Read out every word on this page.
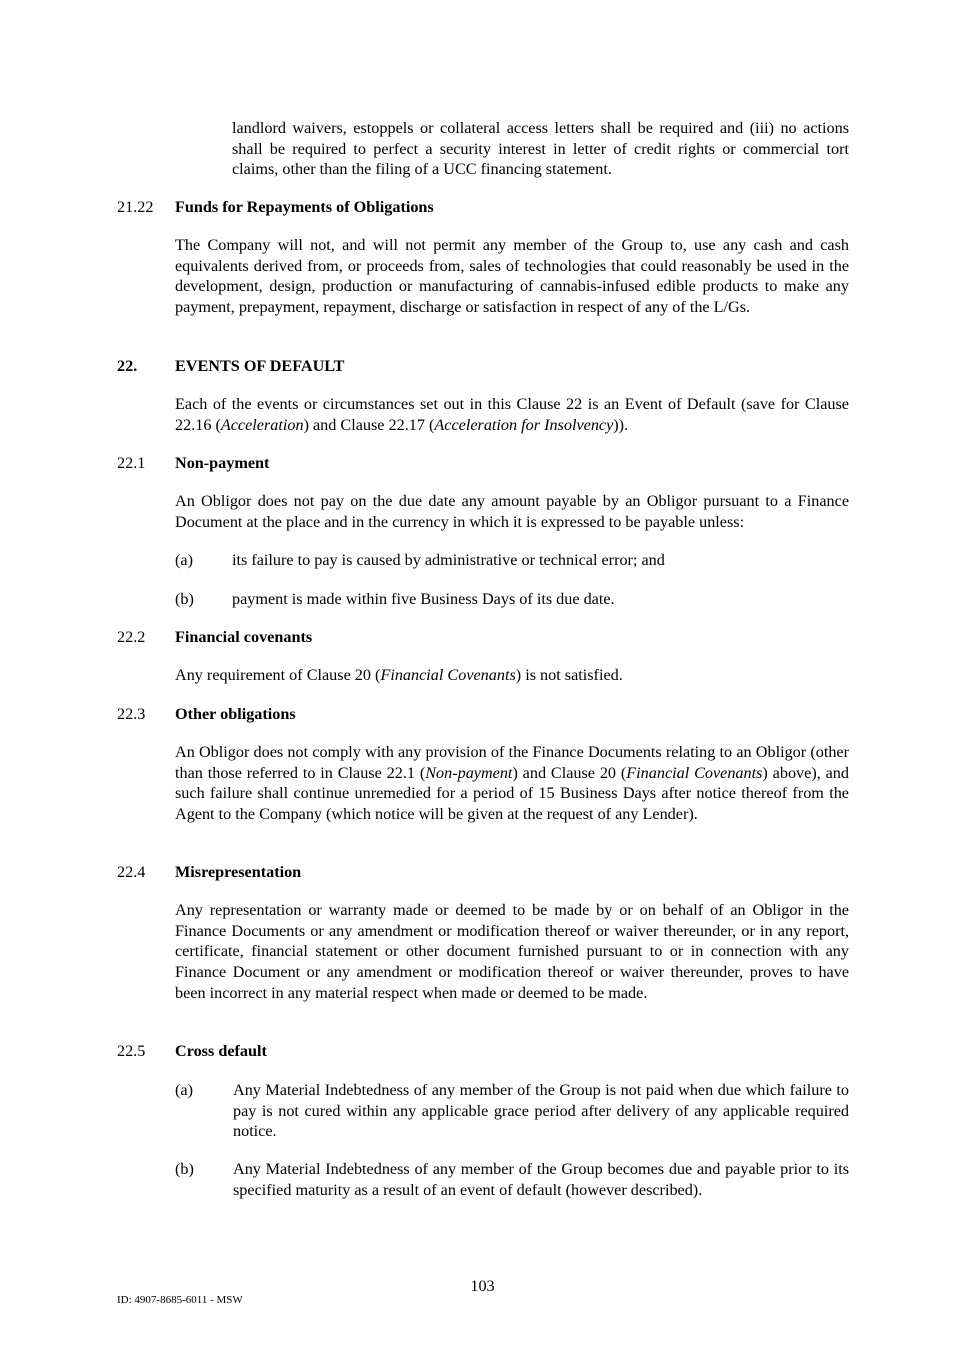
landlord waivers, estoppels or collateral access letters shall be required and (iii) no actions shall be required to perfect a security interest in letter of credit rights or commercial tort claims, other than the filing of a UCC financing statement.
21.22 Funds for Repayments of Obligations
The Company will not, and will not permit any member of the Group to, use any cash and cash equivalents derived from, or proceeds from, sales of technologies that could reasonably be used in the development, design, production or manufacturing of cannabis-infused edible products to make any payment, prepayment, repayment, discharge or satisfaction in respect of any of the L/Gs.
22. EVENTS OF DEFAULT
Each of the events or circumstances set out in this Clause 22 is an Event of Default (save for Clause 22.16 (Acceleration) and Clause 22.17 (Acceleration for Insolvency)).
22.1 Non-payment
An Obligor does not pay on the due date any amount payable by an Obligor pursuant to a Finance Document at the place and in the currency in which it is expressed to be payable unless:
(a) its failure to pay is caused by administrative or technical error; and
(b) payment is made within five Business Days of its due date.
22.2 Financial covenants
Any requirement of Clause 20 (Financial Covenants) is not satisfied.
22.3 Other obligations
An Obligor does not comply with any provision of the Finance Documents relating to an Obligor (other than those referred to in Clause 22.1 (Non-payment) and Clause 20 (Financial Covenants) above), and such failure shall continue unremedied for a period of 15 Business Days after notice thereof from the Agent to the Company (which notice will be given at the request of any Lender).
22.4 Misrepresentation
Any representation or warranty made or deemed to be made by or on behalf of an Obligor in the Finance Documents or any amendment or modification thereof or waiver thereunder, or in any report, certificate, financial statement or other document furnished pursuant to or in connection with any Finance Document or any amendment or modification thereof or waiver thereunder, proves to have been incorrect in any material respect when made or deemed to be made.
22.5 Cross default
(a) Any Material Indebtedness of any member of the Group is not paid when due which failure to pay is not cured within any applicable grace period after delivery of any applicable required notice.
(b) Any Material Indebtedness of any member of the Group becomes due and payable prior to its specified maturity as a result of an event of default (however described).
103
ID: 4907-8685-6011 - MSW
